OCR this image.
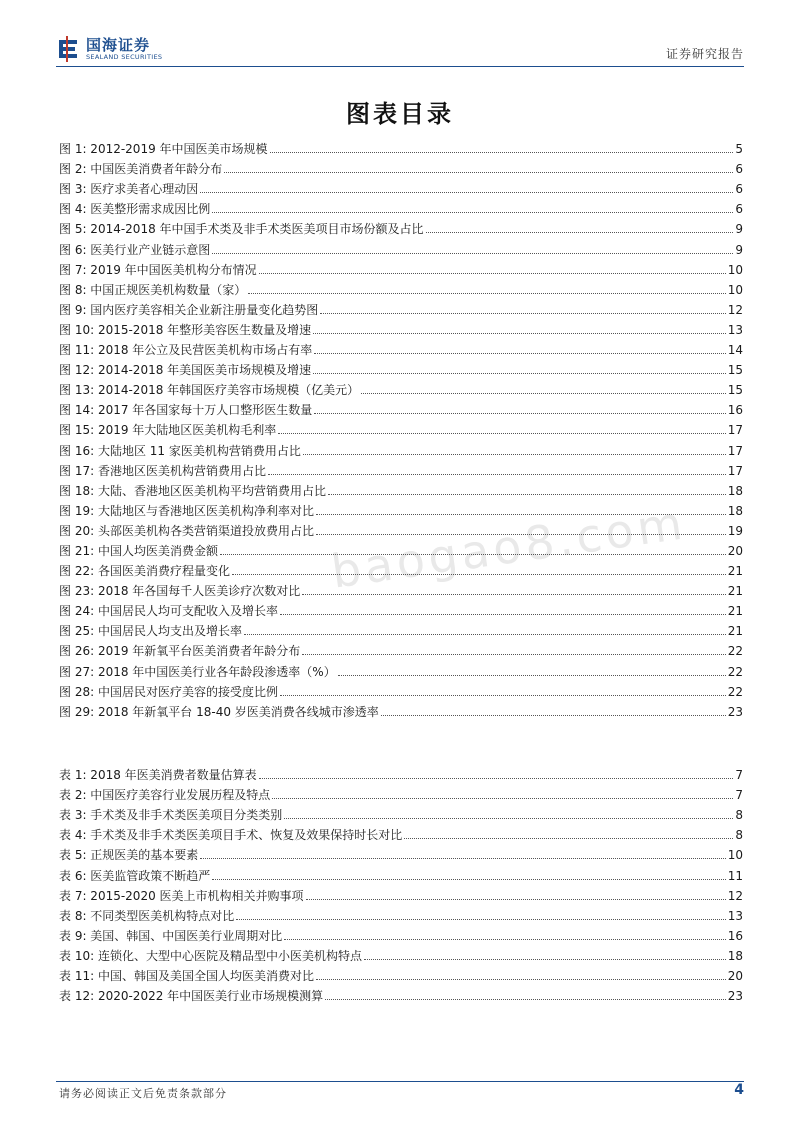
国海证券
SEALAND SECURITIES	证券研究报告
图表目录
baogao8.com
图 1: 2012-2019 年中国医美市场规模	5
图 2: 中国医美消费者年龄分布	6
图 3: 医疗求美者心理动因	6
图 4: 医美整形需求成因比例	6
图 5: 2014-2018 年中国手术类及非手术类医美项目市场份额及占比	9
图 6: 医美行业产业链示意图	9
图 7: 2019 年中国医美机构分布情况	10
图 8: 中国正规医美机构数量（家）	10
图 9: 国内医疗美容相关企业新注册量变化趋势图	12
图 10: 2015-2018 年整形美容医生数量及增速	13
图 11: 2018 年公立及民营医美机构市场占有率	14
图 12: 2014-2018 年美国医美市场规模及增速	15
图 13: 2014-2018 年韩国医疗美容市场规模（亿美元）	15
图 14: 2017 年各国家每十万人口整形医生数量	16
图 15: 2019 年大陆地区医美机构毛利率	17
图 16: 大陆地区 11 家医美机构营销费用占比	17
图 17: 香港地区医美机构营销费用占比	17
图 18: 大陆、香港地区医美机构平均营销费用占比	18
图 19: 大陆地区与香港地区医美机构净利率对比	18
图 20: 头部医美机构各类营销渠道投放费用占比	19
图 21: 中国人均医美消费金额	20
图 22: 各国医美消费疗程量变化	21
图 23: 2018 年各国每千人医美诊疗次数对比	21
图 24: 中国居民人均可支配收入及增长率	21
图 25: 中国居民人均支出及增长率	21
图 26: 2019 年新氧平台医美消费者年龄分布	22
图 27: 2018 年中国医美行业各年龄段渗透率（%）	22
图 28: 中国居民对医疗美容的接受度比例	22
图 29: 2018 年新氧平台 18-40 岁医美消费各线城市渗透率	23
表 1: 2018 年医美消费者数量估算表	7
表 2: 中国医疗美容行业发展历程及特点	7
表 3: 手术类及非手术类医美项目分类类别	8
表 4: 手术类及非手术类医美项目手术、恢复及效果保持时长对比	8
表 5: 正规医美的基本要素	10
表 6: 医美监管政策不断趋严	11
表 7: 2015-2020 医美上市机构相关并购事项	12
表 8: 不同类型医美机构特点对比	13
表 9: 美国、韩国、中国医美行业周期对比	16
表 10: 连锁化、大型中心医院及精品型中小医美机构特点	18
表 11: 中国、韩国及美国全国人均医美消费对比	20
表 12: 2020-2022 年中国医美行业市场规模测算	23
请务必阅读正文后免责条款部分	4
